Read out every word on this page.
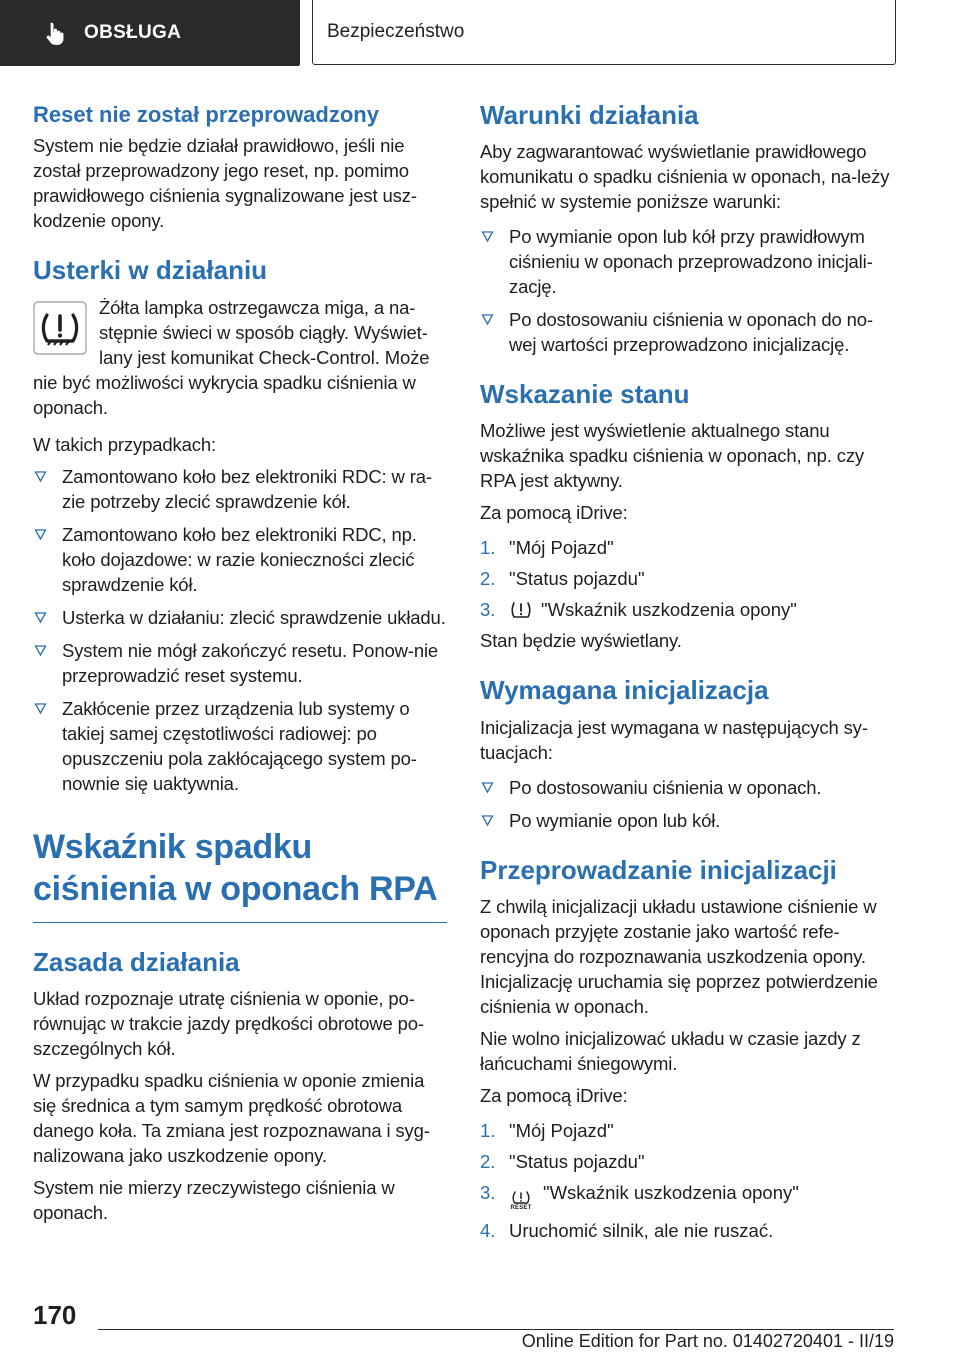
OBSŁUGA	Bezpieczeństwo
Reset nie został przeprowadzony

System nie będzie działał prawidłowo, jeśli nie został przeprowadzony jego reset, np. pomimo prawidłowego ciśnienia sygnalizowane jest usz-kodzenie opony.

Usterki w działaniu

Żółta lampka ostrzegawcza miga, a na-stępnie świeci w sposób ciągły. Wyświet-lany jest komunikat Check-Control. Może nie być możliwości wykrycia spadku ciśnienia w oponach.

W takich przypadkach:

Zamontowano koło bez elektroniki RDC: w ra-zie potrzeby zlecić sprawdzenie kół.
Zamontowano koło bez elektroniki RDC, np. koło dojazdowe: w razie konieczności zlecić sprawdzenie kół.
Usterka w działaniu: zlecić sprawdzenie układu.
System nie mógł zakończyć resetu. Ponow-nie przeprowadzić reset systemu.
Zakłócenie przez urządzenia lub systemy o takiej samej częstotliwości radiowej: po opuszczeniu pola zakłócającego system po-nownie się uaktywnia.
Wskaźnik spadku ciśnienia w oponach RPA
Zasada działania

Układ rozpoznaje utratę ciśnienia w oponie, po-równując w trakcie jazdy prędkości obrotowe po-szczególnych kół.

W przypadku spadku ciśnienia w oponie zmienia się średnica a tym samym prędkość obrotowa danego koła. Ta zmiana jest rozpoznawana i syg-nalizowana jako uszkodzenie opony.

System nie mierzy rzeczywistego ciśnienia w oponach.

Warunki działania

Aby zagwarantować wyświetlanie prawidłowego komunikatu o spadku ciśnienia w oponach, na-leży spełnić w systemie poniższe warunki:

Po wymianie opon lub kół przy prawidłowym ciśnieniu w oponach przeprowadzono inicjali-zację.
Po dostosowaniu ciśnienia w oponach do no-wej wartości przeprowadzono inicjalizację.
Wskazanie stanu

Możliwe jest wyświetlenie aktualnego stanu wskaźnika spadku ciśnienia w oponach, np. czy RPA jest aktywny.

Za pomocą iDrive:

1. "Mój Pojazd"
2. "Status pojazdu"
3. "Wskaźnik uszkodzenia opony"

Stan będzie wyświetlany.

Wymagana inicjalizacja

Inicjalizacja jest wymagana w następujących sy-tuacjach:

Po dostosowaniu ciśnienia w oponach.
Po wymianie opon lub kół.
Przeprowadzanie inicjalizacji

Z chwilą inicjalizacji układu ustawione ciśnienie w oponach przyjęte zostanie jako wartość refe-rencyjna do rozpoznawania uszkodzenia opony. Inicjalizację uruchamia się poprzez potwierdzenie ciśnienia w oponach.

Nie wolno inicjalizować układu w czasie jazdy z łańcuchami śniegowymi.

Za pomocą iDrive:

1. "Mój Pojazd"
2. "Status pojazdu"
3.
RESET
"Wskaźnik uszkodzenia opony"
4. Uruchomić silnik, ale nie ruszać.
170
Online Edition for Part no. 01402720401 - II/19
